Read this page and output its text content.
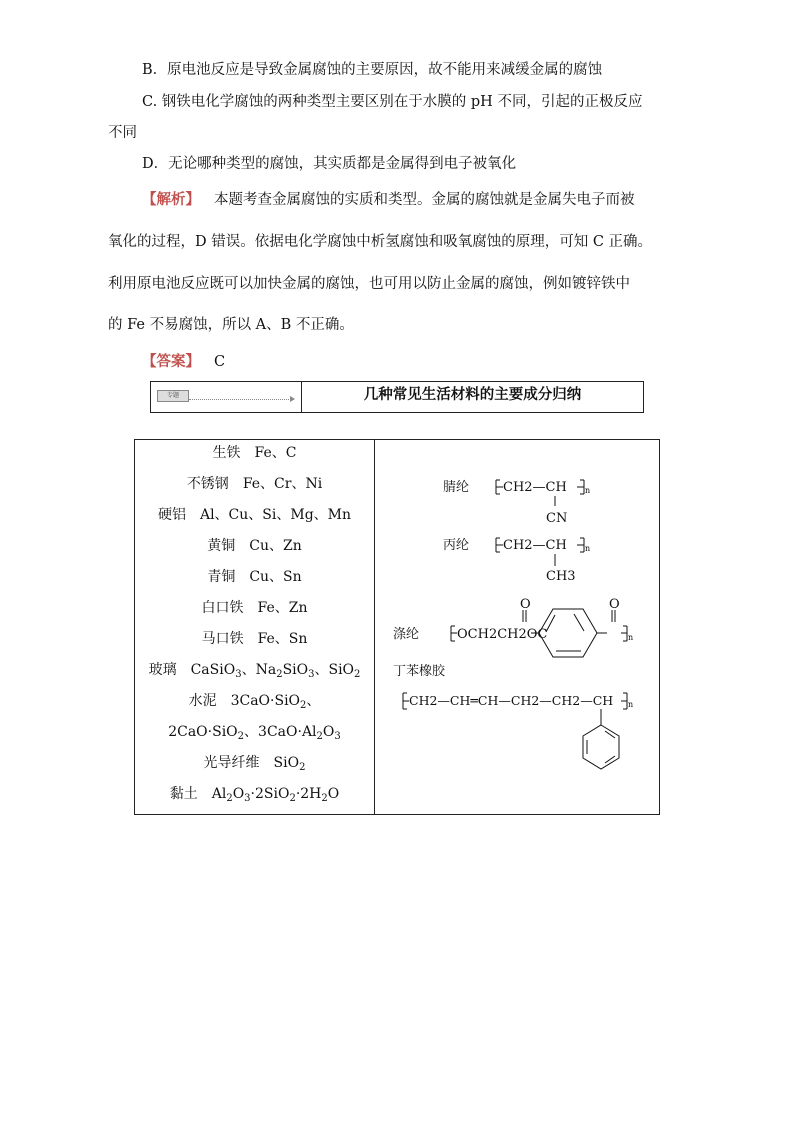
B．原电池反应是导致金属腐蚀的主要原因，故不能用来减缓金属的腐蚀
C. 钢铁电化学腐蚀的两种类型主要区别在于水膜的 pH 不同，引起的正极反应
不同
D．无论哪种类型的腐蚀，其实质都是金属得到电子被氧化
【解析】 本题考查金属腐蚀的实质和类型。金属的腐蚀就是金属失电子而被
氧化的过程，D 错误。依据电化学腐蚀中析氢腐蚀和吸氧腐蚀的原理，可知 C 正确。
利用原电池反应既可以加快金属的腐蚀，也可用以防止金属的腐蚀，例如镀锌铁中
的 Fe 不易腐蚀，所以 A、B 不正确。
【答案】 C
专题	几种常见生活材料的主要成分归纳
生铁 Fe、C
不锈钢 Fe、Cr、Ni
硬铝 Al、Cu、Si、Mg、Mn
黄铜 Cu、Zn
青铜 Cu、Sn
白口铁 Fe、Zn
马口铁 Fe、Sn
玻璃 CaSiO$_3$、$Na_2SiO_3$、SiO$_2$
水泥 3CaO·SiO$_2$、
2CaO·SiO$_2$、$3CaO\cdot Al_2O_3$
光导纤维 SiO$_2$
黏土 $Al_2O_3\cdot 2SiO_2\cdot 2H_2O$
腈纶	CH2—CH
CN
n
丙纶	CH2—CH
CH3
n
涤纶	OCH2CH2OC	n
丁苯橡胶
CH2—CH═CH—CH2—CH2—CH n
O	O
